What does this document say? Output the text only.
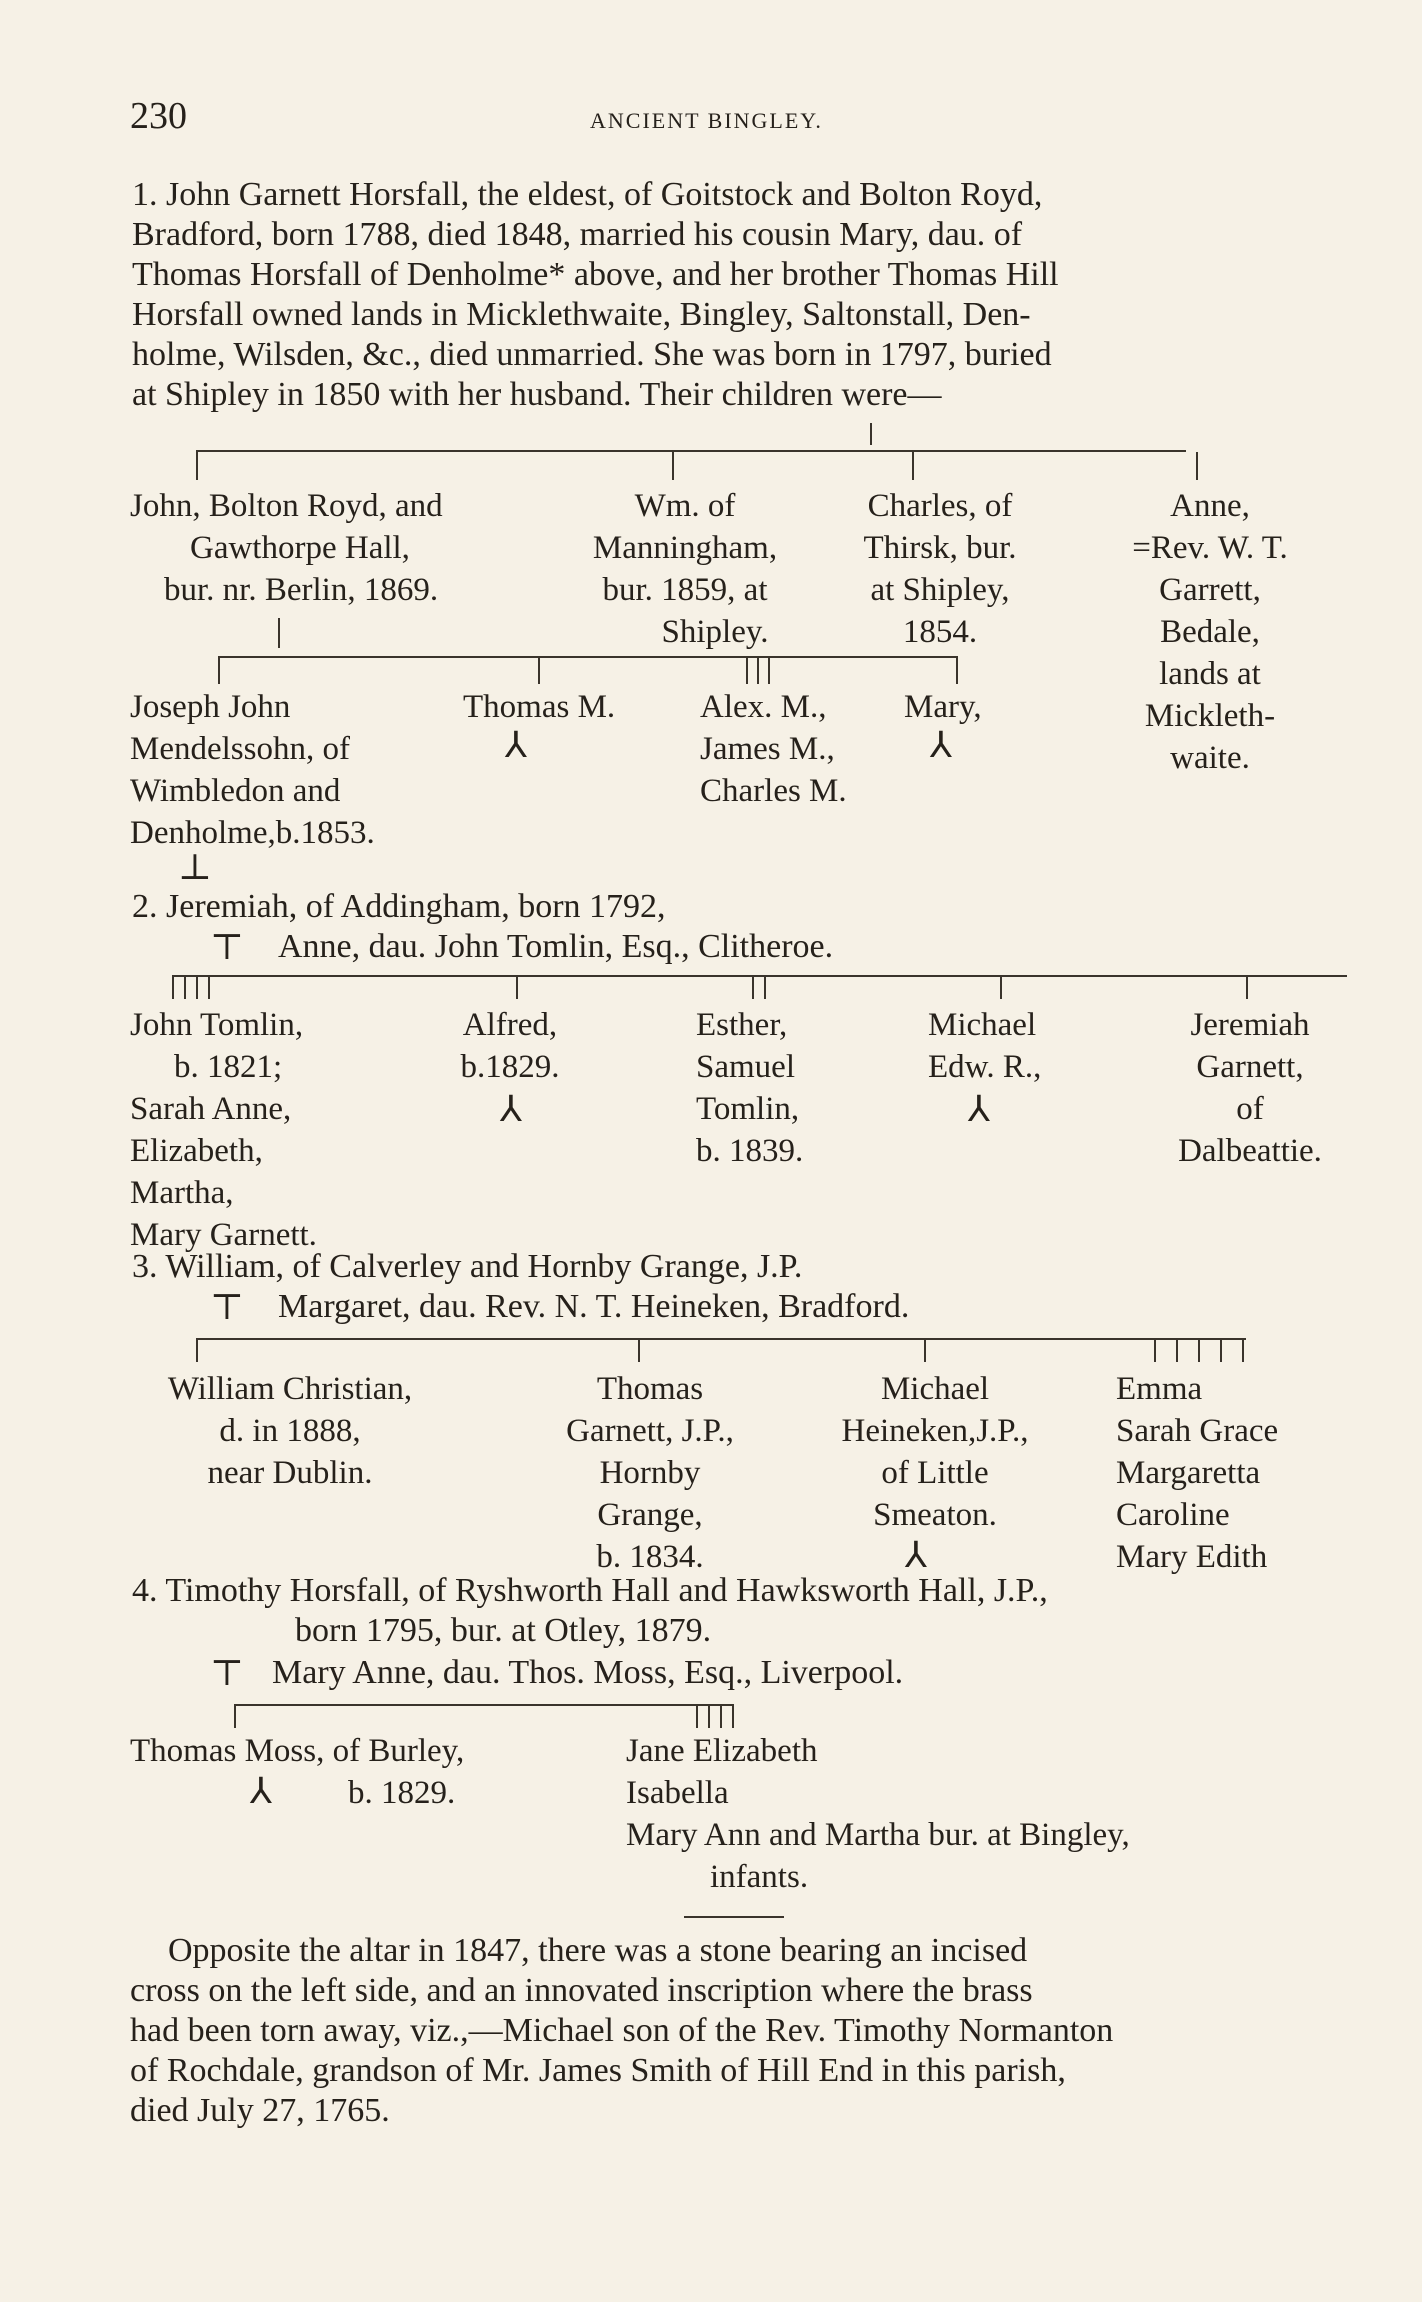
230	ANCIENT BINGLEY.
1. John Garnett Horsfall, the eldest, of Goitstock and Bolton Royd,
Bradford, born 1788, died 1848, married his cousin Mary, dau. of
Thomas Horsfall of Denholme* above, and her brother Thomas Hill
Horsfall owned lands in Micklethwaite, Bingley, Saltonstall, Den-
holme, Wilsden, &c., died unmarried. She was born in 1797, buried
at Shipley in 1850 with her husband. Their children were—
John, Bolton Royd, and
Gawthorpe Hall,
bur. nr. Berlin, 1869.
Wm. of
Manningham,
bur. 1859, at
Shipley.
Charles, of
Thirsk, bur.
at Shipley,
1854.
Anne,
=Rev. W. T.
Garrett,
Bedale,
lands at
Mickleth-
waite.
Joseph John
Mendelssohn, of
Wimbledon and
Denholme,b.1853.
⊥
Thomas M.
⅄
Alex. M.,
James M.,
Charles M.
Mary,
⅄
2. Jeremiah, of Addingham, born 1792,
⊤ Anne, dau. John Tomlin, Esq., Clitheroe.
John Tomlin,
b. 1821;
Sarah Anne,
Elizabeth,
Martha,
Mary Garnett.
Alfred,
b.1829.
⅄
Esther,
Samuel
Tomlin,
b. 1839.
Michael
Edw. R.,
⅄
Jeremiah
Garnett,
of
Dalbeattie.
3. William, of Calverley and Hornby Grange, J.P.
⊤ Margaret, dau. Rev. N. T. Heineken, Bradford.
William Christian,
d. in 1888,
near Dublin.
Thomas
Garnett, J.P.,
Hornby
Grange,
b. 1834.
Michael
Heineken,J.P.,
of Little
Smeaton.
⅄
Emma
Sarah Grace
Margaretta
Caroline
Mary Edith
4. Timothy Horsfall, of Ryshworth Hall and Hawksworth Hall, J.P.,
born 1795, bur. at Otley, 1879.
⊤ Mary Anne, dau. Thos. Moss, Esq., Liverpool.
Thomas Moss, of Burley,
b. 1829.
⅄
Jane Elizabeth
Isabella
Mary Ann and Martha bur. at Bingley,
infants.
Opposite the altar in 1847, there was a stone bearing an incised
cross on the left side, and an innovated inscription where the brass
had been torn away, viz.,—Michael son of the Rev. Timothy Normanton
of Rochdale, grandson of Mr. James Smith of Hill End in this parish,
died July 27, 1765.
